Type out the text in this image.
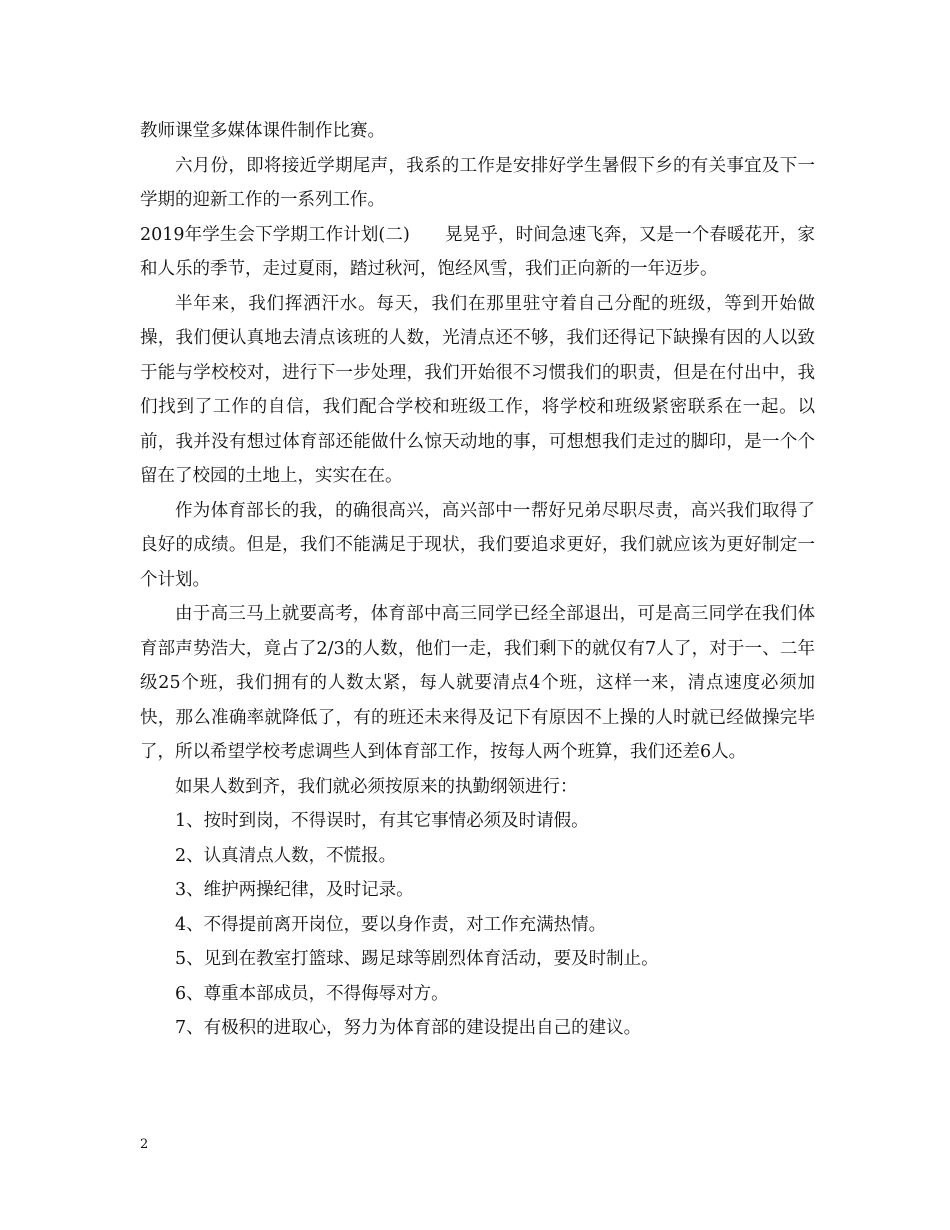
教师课堂多媒体课件制作比赛。

六月份，即将接近学期尾声，我系的工作是安排好学生暑假下乡的有关事宜及下一学期的迎新工作的一系列工作。

2019年学生会下学期工作计划(二)　　晃晃乎，时间急速飞奔，又是一个春暖花开，家和人乐的季节，走过夏雨，踏过秋河，饱经风雪，我们正向新的一年迈步。

半年来，我们挥洒汗水。每天，我们在那里驻守着自己分配的班级，等到开始做操，我们便认真地去清点该班的人数，光清点还不够，我们还得记下缺操有因的人以致于能与学校校对，进行下一步处理，我们开始很不习惯我们的职责，但是在付出中，我们找到了工作的自信，我们配合学校和班级工作，将学校和班级紧密联系在一起。以前，我并没有想过体育部还能做什么惊天动地的事，可想想我们走过的脚印，是一个个留在了校园的土地上，实实在在。

作为体育部长的我，的确很高兴，高兴部中一帮好兄弟尽职尽责，高兴我们取得了良好的成绩。但是，我们不能满足于现状，我们要追求更好，我们就应该为更好制定一个计划。

由于高三马上就要高考，体育部中高三同学已经全部退出，可是高三同学在我们体育部声势浩大，竟占了2/3的人数，他们一走，我们剩下的就仅有7人了，对于一、二年级25个班，我们拥有的人数太紧，每人就要清点4个班，这样一来，清点速度必须加快，那么准确率就降低了，有的班还未来得及记下有原因不上操的人时就已经做操完毕了，所以希望学校考虑调些人到体育部工作，按每人两个班算，我们还差6人。

如果人数到齐，我们就必须按原来的执勤纲领进行：

1、按时到岗，不得误时，有其它事情必须及时请假。

2、认真清点人数，不慌报。

3、维护两操纪律，及时记录。

4、不得提前离开岗位，要以身作责，对工作充满热情。

5、见到在教室打篮球、踢足球等剧烈体育活动，要及时制止。

6、尊重本部成员，不得侮辱对方。

7、有极积的进取心，努力为体育部的建设提出自己的建议。

2
